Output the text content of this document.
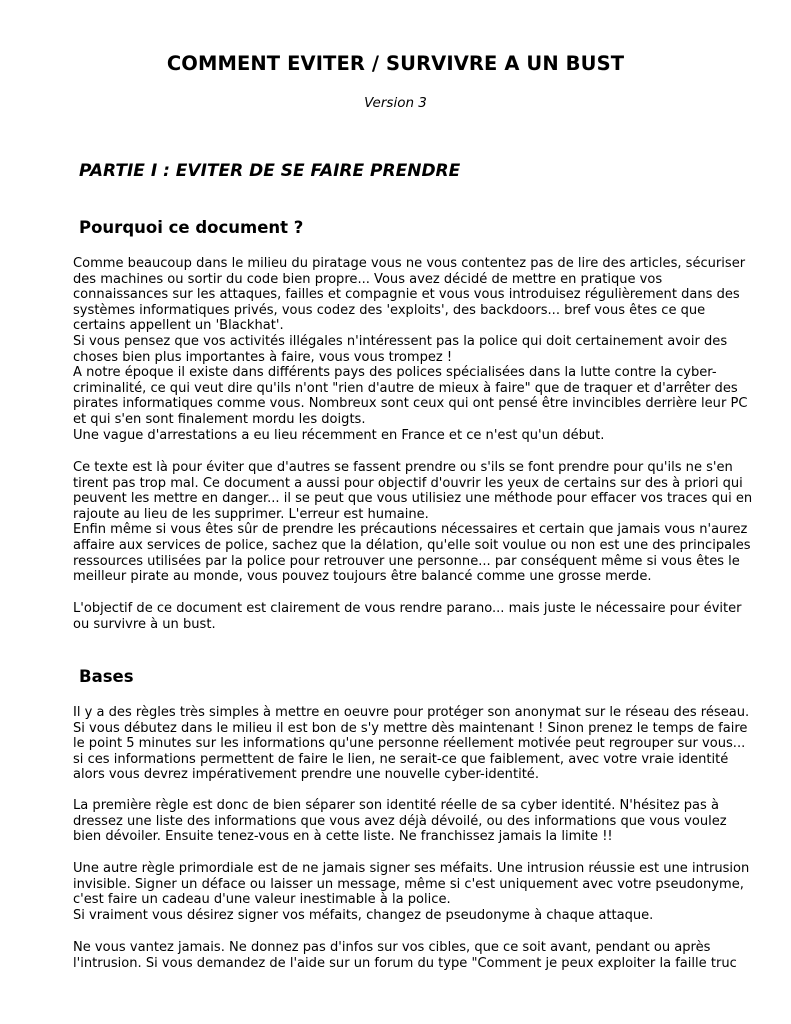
COMMENT EVITER / SURVIVRE A UN BUST
Version 3
PARTIE I : EVITER DE SE FAIRE PRENDRE
Pourquoi ce document ?

Comme beaucoup dans le milieu du piratage vous ne vous contentez pas de lire des articles, sécuriser
des machines ou sortir du code bien propre... Vous avez décidé de mettre en pratique vos
connaissances sur les attaques, failles et compagnie et vous vous introduisez régulièrement dans des
systèmes informatiques privés, vous codez des 'exploits', des backdoors... bref vous êtes ce que
certains appellent un 'Blackhat'.
Si vous pensez que vos activités illégales n'intéressent pas la police qui doit certainement avoir des
choses bien plus importantes à faire, vous vous trompez !
A notre époque il existe dans différents pays des polices spécialisées dans la lutte contre la cyber-
criminalité, ce qui veut dire qu'ils n'ont "rien d'autre de mieux à faire" que de traquer et d'arrêter des
pirates informatiques comme vous. Nombreux sont ceux qui ont pensé être invincibles derrière leur PC
et qui s'en sont finalement mordu les doigts.
Une vague d'arrestations a eu lieu récemment en France et ce n'est qu'un début.

Ce texte est là pour éviter que d'autres se fassent prendre ou s'ils se font prendre pour qu'ils ne s'en
tirent pas trop mal. Ce document a aussi pour objectif d'ouvrir les yeux de certains sur des à priori qui
peuvent les mettre en danger... il se peut que vous utilisiez une méthode pour effacer vos traces qui en
rajoute au lieu de les supprimer. L'erreur est humaine.
Enfin même si vous êtes sûr de prendre les précautions nécessaires et certain que jamais vous n'aurez
affaire aux services de police, sachez que la délation, qu'elle soit voulue ou non est une des principales
ressources utilisées par la police pour retrouver une personne... par conséquent même si vous êtes le
meilleur pirate au monde, vous pouvez toujours être balancé comme une grosse merde.

L'objectif de ce document est clairement de vous rendre parano... mais juste le nécessaire pour éviter
ou survivre à un bust.

Bases

Il y a des règles très simples à mettre en oeuvre pour protéger son anonymat sur le réseau des réseau.
Si vous débutez dans le milieu il est bon de s'y mettre dès maintenant ! Sinon prenez le temps de faire
le point 5 minutes sur les informations qu'une personne réellement motivée peut regrouper sur vous...
si ces informations permettent de faire le lien, ne serait-ce que faiblement, avec votre vraie identité
alors vous devrez impérativement prendre une nouvelle cyber-identité.

La première règle est donc de bien séparer son identité réelle de sa cyber identité. N'hésitez pas à
dressez une liste des informations que vous avez déjà dévoilé, ou des informations que vous voulez
bien dévoiler. Ensuite tenez-vous en à cette liste. Ne franchissez jamais la limite !!

Une autre règle primordiale est de ne jamais signer ses méfaits. Une intrusion réussie est une intrusion
invisible. Signer un déface ou laisser un message, même si c'est uniquement avec votre pseudonyme,
c'est faire un cadeau d'une valeur inestimable à la police.
Si vraiment vous désirez signer vos méfaits, changez de pseudonyme à chaque attaque.

Ne vous vantez jamais. Ne donnez pas d'infos sur vos cibles, que ce soit avant, pendant ou après
l'intrusion. Si vous demandez de l'aide sur un forum du type "Comment je peux exploiter la faille truc
